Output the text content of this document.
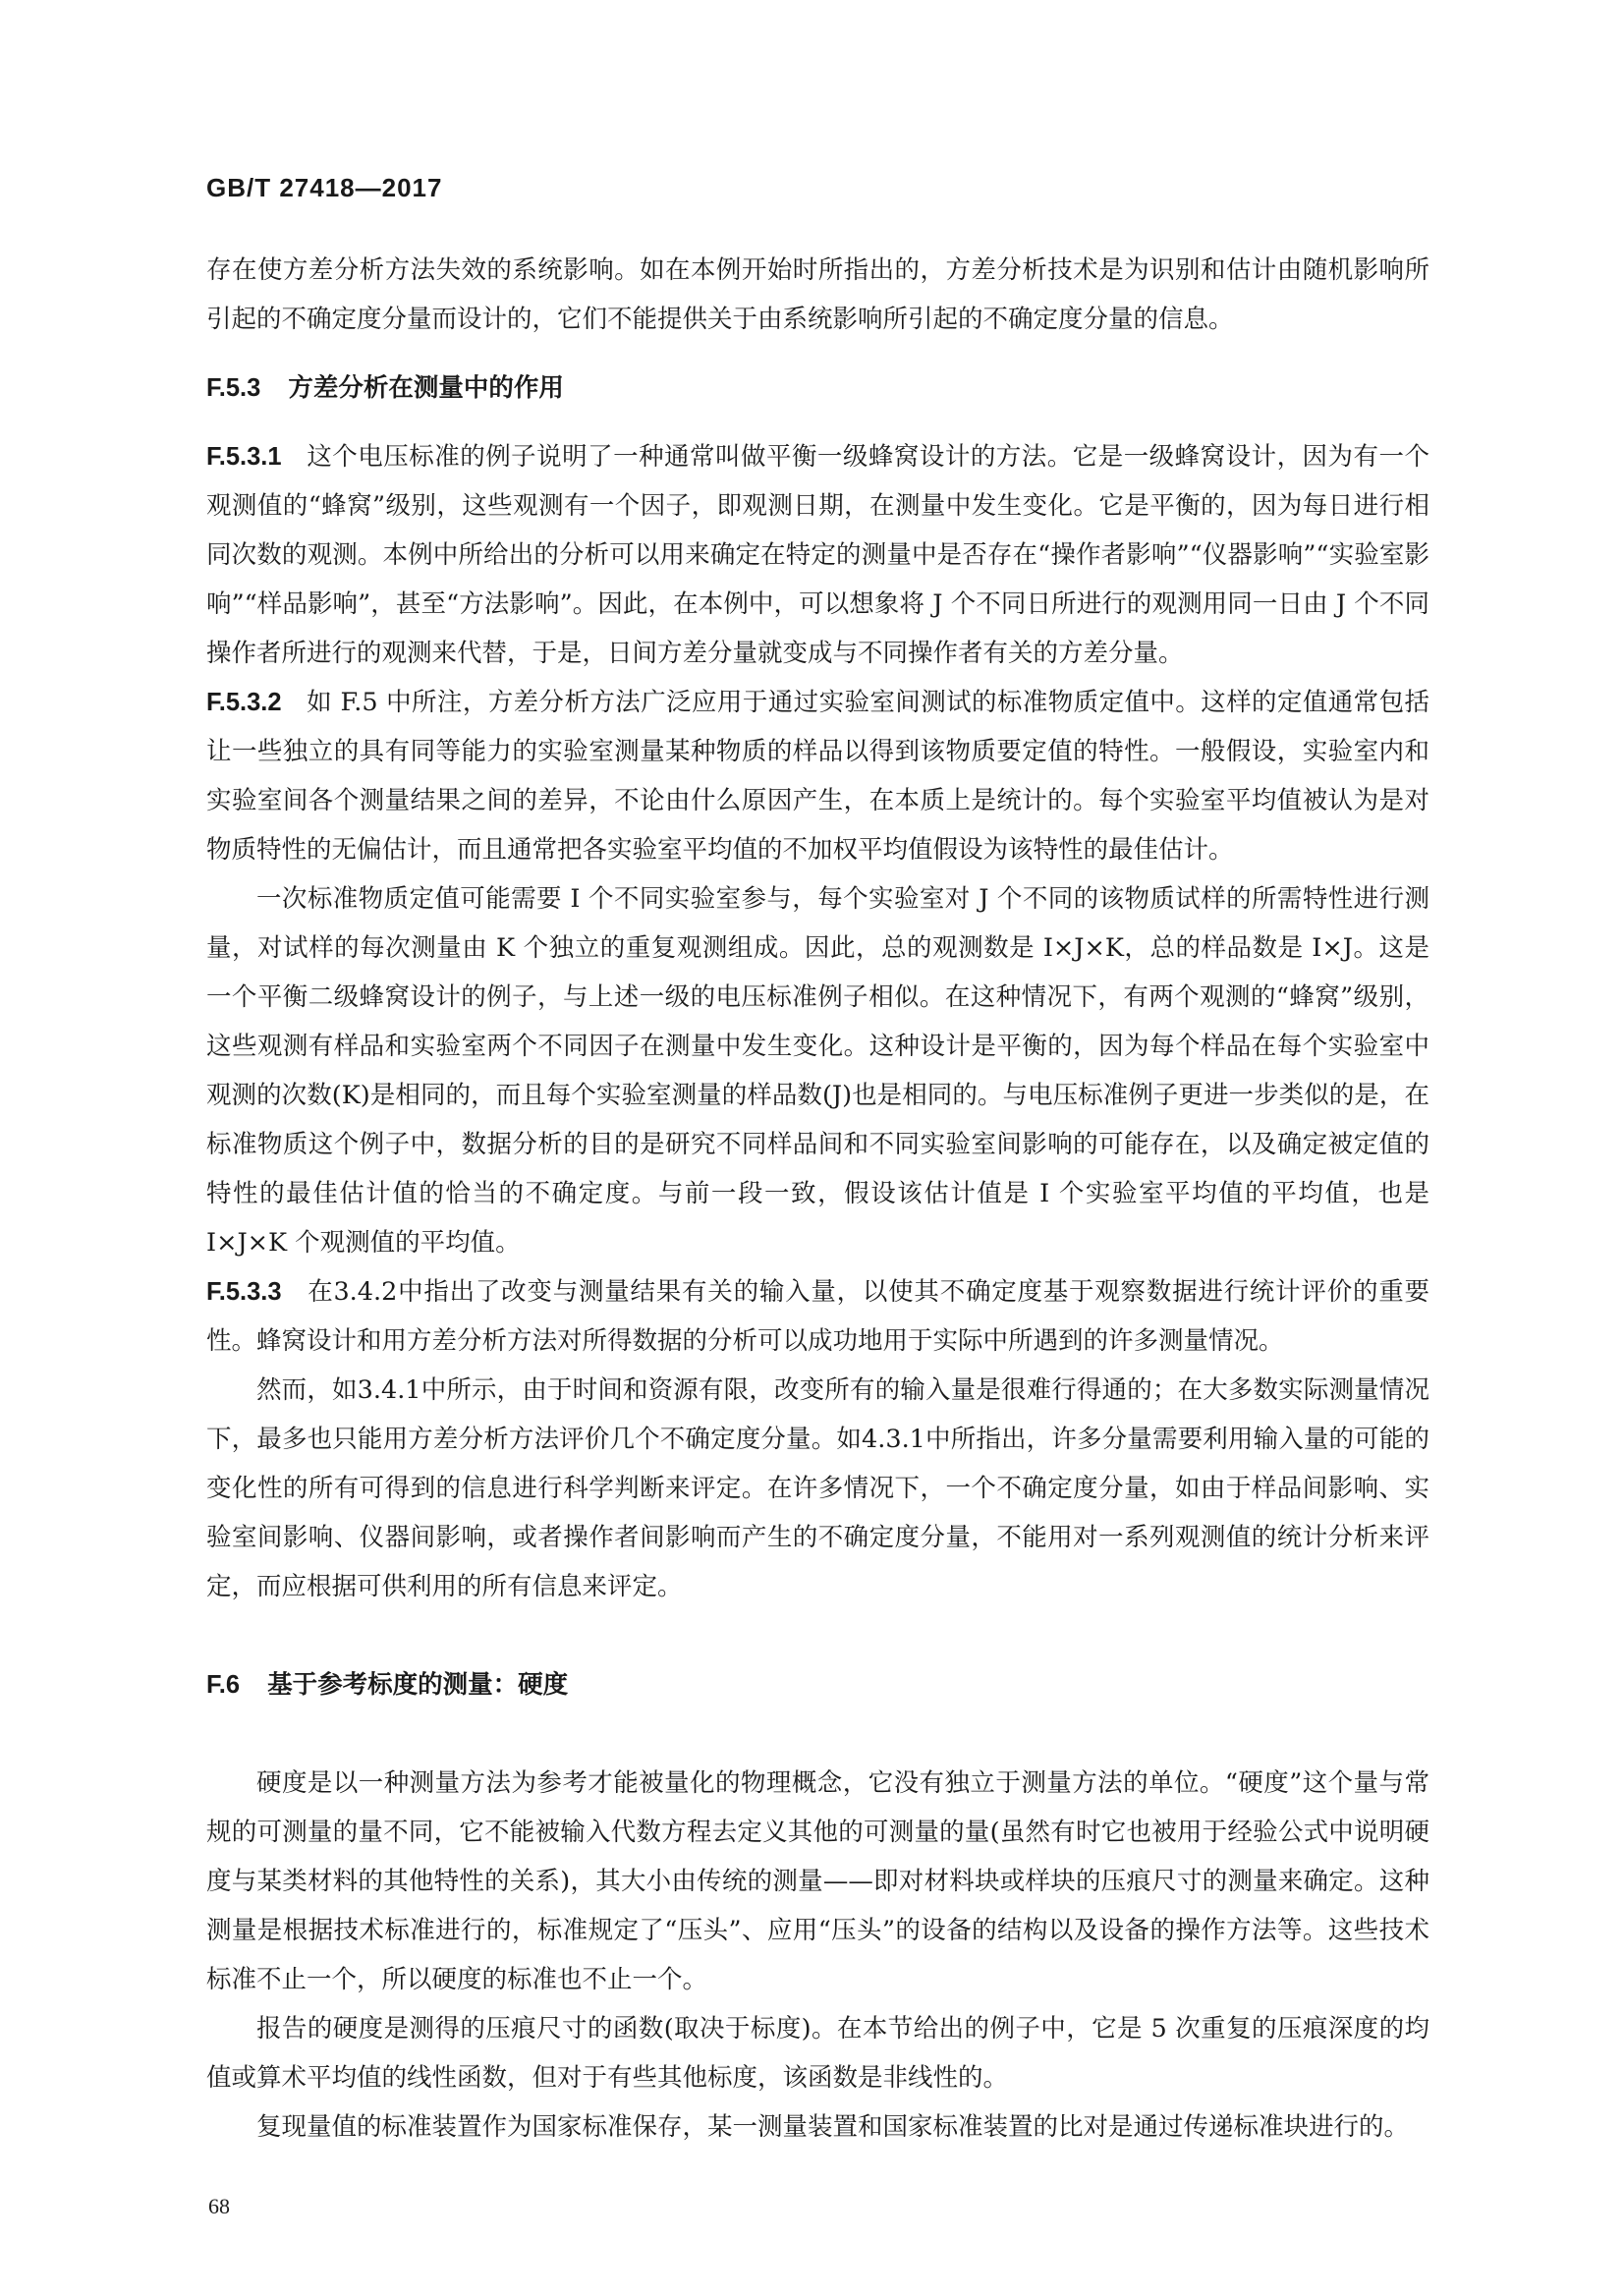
GB/T 27418—2017

存在使方差分析方法失效的系统影响。如在本例开始时所指出的，方差分析技术是为识别和估计由随机影响所引起的不确定度分量而设计的，它们不能提供关于由系统影响所引起的不确定度分量的信息。

F.5.3 方差分析在测量中的作用

F.5.3.1 这个电压标准的例子说明了一种通常叫做平衡一级蜂窝设计的方法。它是一级蜂窝设计，因为有一个观测值的“蜂窝”级别，这些观测有一个因子，即观测日期，在测量中发生变化。它是平衡的，因为每日进行相同次数的观测。本例中所给出的分析可以用来确定在特定的测量中是否存在“操作者影响”“仪器影响”“实验室影响”“样品影响”，甚至“方法影响”。因此，在本例中，可以想象将 J 个不同日所进行的观测用同一日由 J 个不同操作者所进行的观测来代替，于是，日间方差分量就变成与不同操作者有关的方差分量。

F.5.3.2 如 F.5 中所注，方差分析方法广泛应用于通过实验室间测试的标准物质定值中。这样的定值通常包括让一些独立的具有同等能力的实验室测量某种物质的样品以得到该物质要定值的特性。一般假设，实验室内和实验室间各个测量结果之间的差异，不论由什么原因产生，在本质上是统计的。每个实验室平均值被认为是对物质特性的无偏估计，而且通常把各实验室平均值的不加权平均值假设为该特性的最佳估计。

一次标准物质定值可能需要 I 个不同实验室参与，每个实验室对 J 个不同的该物质试样的所需特性进行测量，对试样的每次测量由 K 个独立的重复观测组成。因此，总的观测数是 I×J×K，总的样品数是 I×J。这是一个平衡二级蜂窝设计的例子，与上述一级的电压标准例子相似。在这种情况下，有两个观测的“蜂窝”级别，这些观测有样品和实验室两个不同因子在测量中发生变化。这种设计是平衡的，因为每个样品在每个实验室中观测的次数(K)是相同的，而且每个实验室测量的样品数(J)也是相同的。与电压标准例子更进一步类似的是，在标准物质这个例子中，数据分析的目的是研究不同样品间和不同实验室间影响的可能存在，以及确定被定值的特性的最佳估计值的恰当的不确定度。与前一段一致，假设该估计值是 I 个实验室平均值的平均值，也是 I×J×K 个观测值的平均值。

F.5.3.3 在3.4.2中指出了改变与测量结果有关的输入量，以使其不确定度基于观察数据进行统计评价的重要性。蜂窝设计和用方差分析方法对所得数据的分析可以成功地用于实际中所遇到的许多测量情况。

然而，如3.4.1中所示，由于时间和资源有限，改变所有的输入量是很难行得通的；在大多数实际测量情况下，最多也只能用方差分析方法评价几个不确定度分量。如4.3.1中所指出，许多分量需要利用输入量的可能的变化性的所有可得到的信息进行科学判断来评定。在许多情况下，一个不确定度分量，如由于样品间影响、实验室间影响、仪器间影响，或者操作者间影响而产生的不确定度分量，不能用对一系列观测值的统计分析来评定，而应根据可供利用的所有信息来评定。

F.6 基于参考标度的测量：硬度

硬度是以一种测量方法为参考才能被量化的物理概念，它没有独立于测量方法的单位。“硬度”这个量与常规的可测量的量不同，它不能被输入代数方程去定义其他的可测量的量(虽然有时它也被用于经验公式中说明硬度与某类材料的其他特性的关系)，其大小由传统的测量——即对材料块或样块的压痕尺寸的测量来确定。这种测量是根据技术标准进行的，标准规定了“压头”、应用“压头”的设备的结构以及设备的操作方法等。这些技术标准不止一个，所以硬度的标准也不止一个。

报告的硬度是测得的压痕尺寸的函数(取决于标度)。在本节给出的例子中，它是 5 次重复的压痕深度的均值或算术平均值的线性函数，但对于有些其他标度，该函数是非线性的。

复现量值的标准装置作为国家标准保存，某一测量装置和国家标准装置的比对是通过传递标准块进行的。

68
